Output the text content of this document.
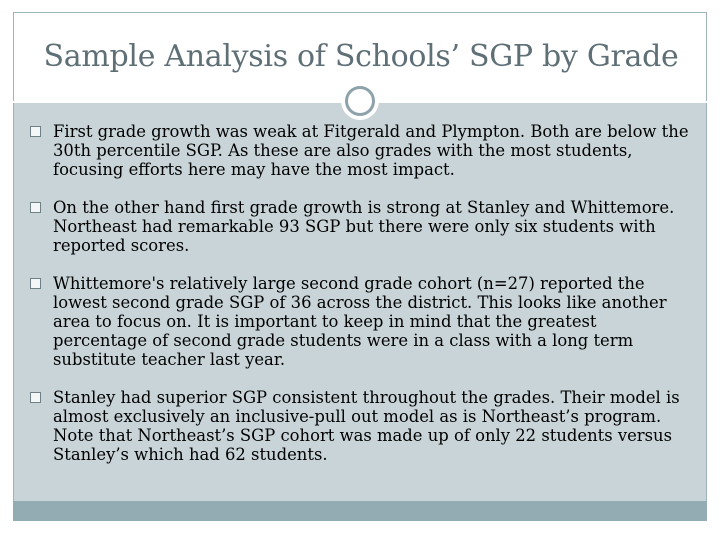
Sample Analysis of Schools’ SGP by Grade
First grade growth was weak at Fitgerald and Plympton. Both are below the 30th percentile SGP. As these are also grades with the most students, focusing efforts here may have the most impact.
On the other hand first grade growth is strong at Stanley and Whittemore. Northeast had remarkable 93 SGP but there were only six students with reported scores.
Whittemore's relatively large second grade cohort (n=27) reported the lowest second grade SGP of 36 across the district. This looks like another area to focus on. It is important to keep in mind that the greatest percentage of second grade students were in a class with a long term substitute teacher last year.
Stanley had superior SGP consistent throughout the grades. Their model is almost exclusively an inclusive-pull out model as is Northeast’s program. Note that Northeast’s SGP cohort was made up of only 22 students versus Stanley’s which had 62 students.
